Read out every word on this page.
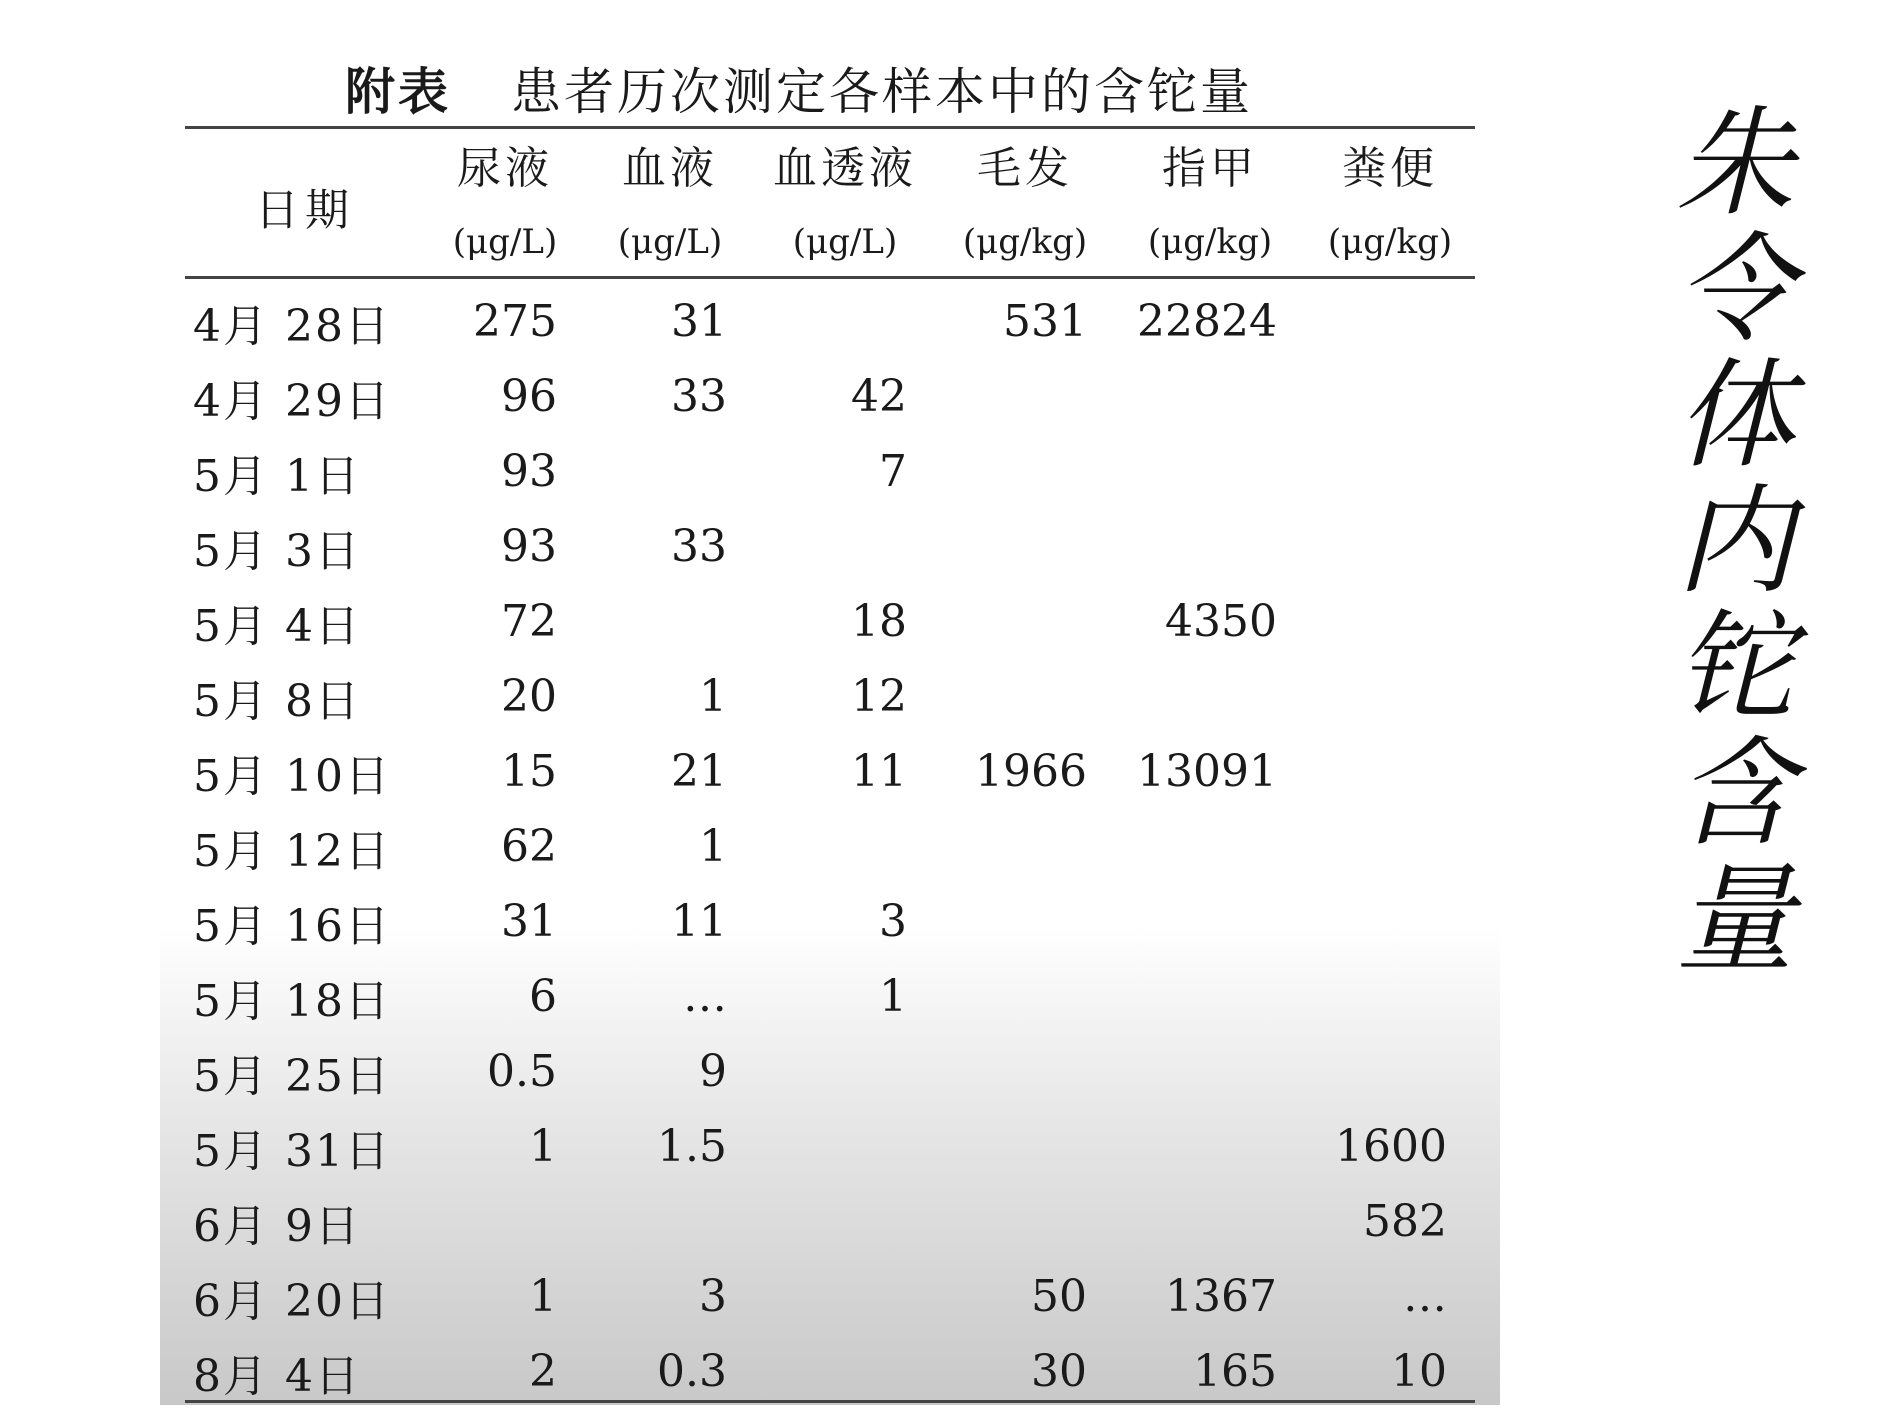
附表 患者历次测定各样本中的含铊量
日期	尿液	血液	血透液	毛发	指甲	粪便
	(μg/L)	(μg/L)	(μg/L)	(μg/kg)	(μg/kg)	(μg/kg)
4月 28日	275	31		531	22824	
4月 29日	96	33	42			
5月 1日	93		7			
5月 3日	93	33				
5月 4日	72		18		4350	
5月 8日	20	1	12			
5月 10日	15	21	11	1966	13091	
5月 12日	62	1				
5月 16日	31	11	3			
5月 18日	6	…	1			
5月 25日	0.5	9				
5月 31日	1	1.5				1600
6月 9日						582
6月 20日	1	3		50	1367	…
8月 4日	2	0.3		30	165	10
朱
令
体
内
铊
含
量
